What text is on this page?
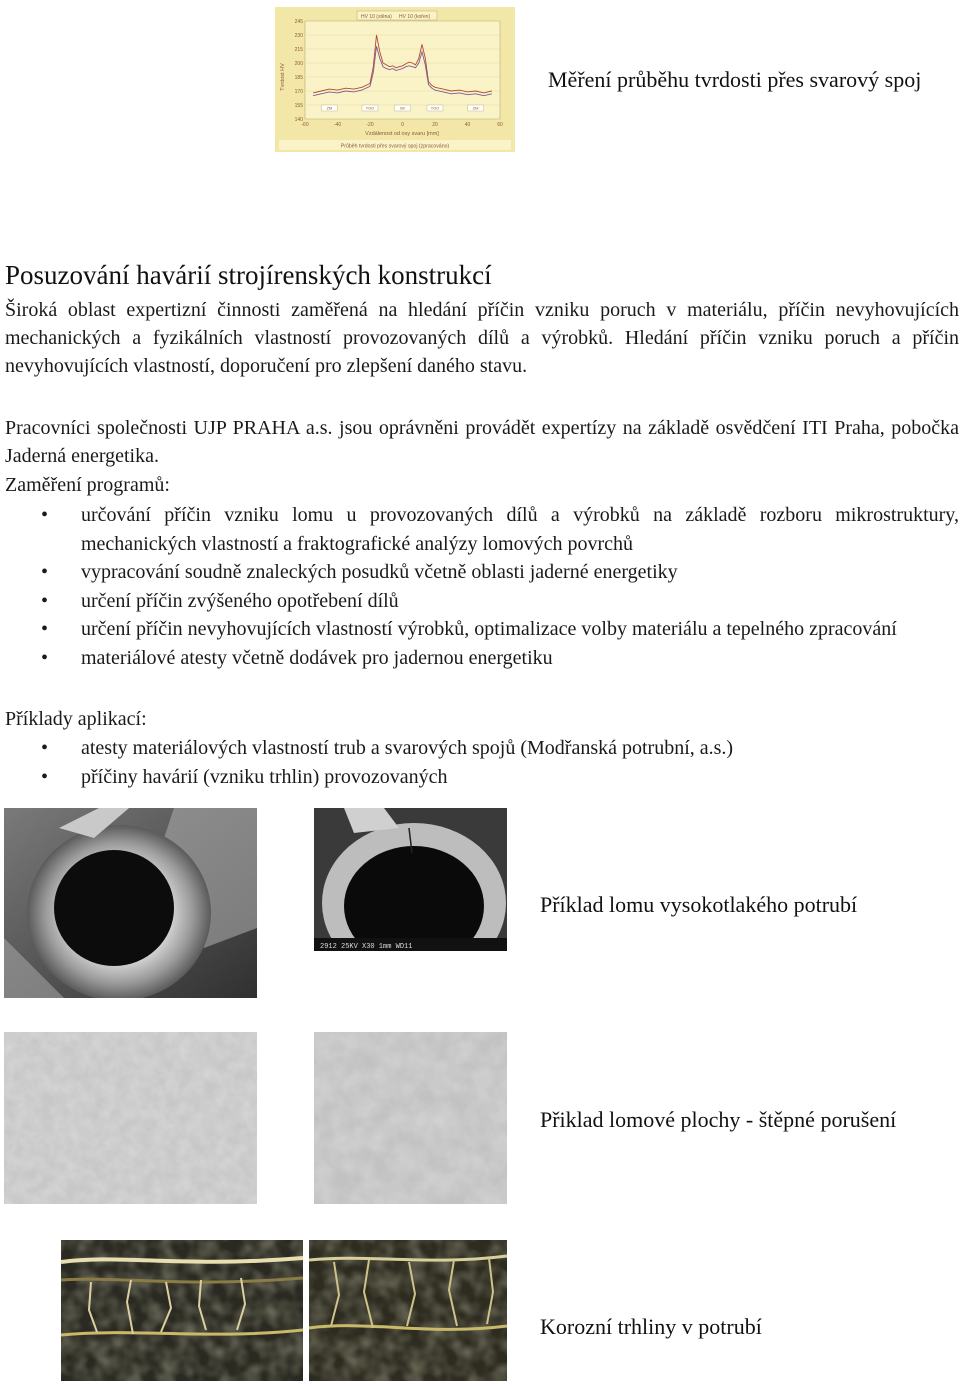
HV 10 (stěna) HV 10 (kořen)
140
155
170
185
200
215
230
245
-60	-40	-20	0	20	40	60
ZM	TOO	SK	TOO	ZM
Tvrdost HV
Vzdálenost od osy svaru [mm]
Průběh tvrdosti přes svarový spoj (zpracováno)
Měření průběhu tvrdosti přes svarový spoj
Posuzování havárií strojírenských konstrukcí
Široká oblast expertizní činnosti zaměřená na hledání příčin vzniku poruch v materiálu, příčin nevyhovujících mechanických a fyzikálních vlastností provozovaných dílů a výrobků. Hledání příčin vzniku poruch a příčin nevyhovujících vlastností, doporučení pro zlepšení daného stavu.
Pracovníci společnosti UJP PRAHA a.s. jsou oprávněni provádět expertízy na základě osvědčení ITI Praha, pobočka Jaderná energetika.
Zaměření programů:
• určování příčin vzniku lomu u provozovaných dílů a výrobků na základě rozboru mikrostruktury, mechanických vlastností a fraktografické analýzy lomových povrchů
• vypracování soudně znaleckých posudků včetně oblasti jaderné energetiky
• určení příčin zvýšeného opotřebení dílů
• určení příčin nevyhovujících vlastností výrobků, optimalizace volby materiálu a tepelného zpracování
• materiálové atesty včetně dodávek pro jadernou energetiku
Příklady aplikací:
• atesty materiálových vlastností trub a svarových spojů (Modřanská potrubní, a.s.)
• příčiny havárií (vzniku trhlin) provozovaných
2912 25KV X30 1mm WD11
Příklad lomu vysokotlakého potrubí
Přiklad lomové plochy - štěpné porušení
Korozní trhliny v potrubí
